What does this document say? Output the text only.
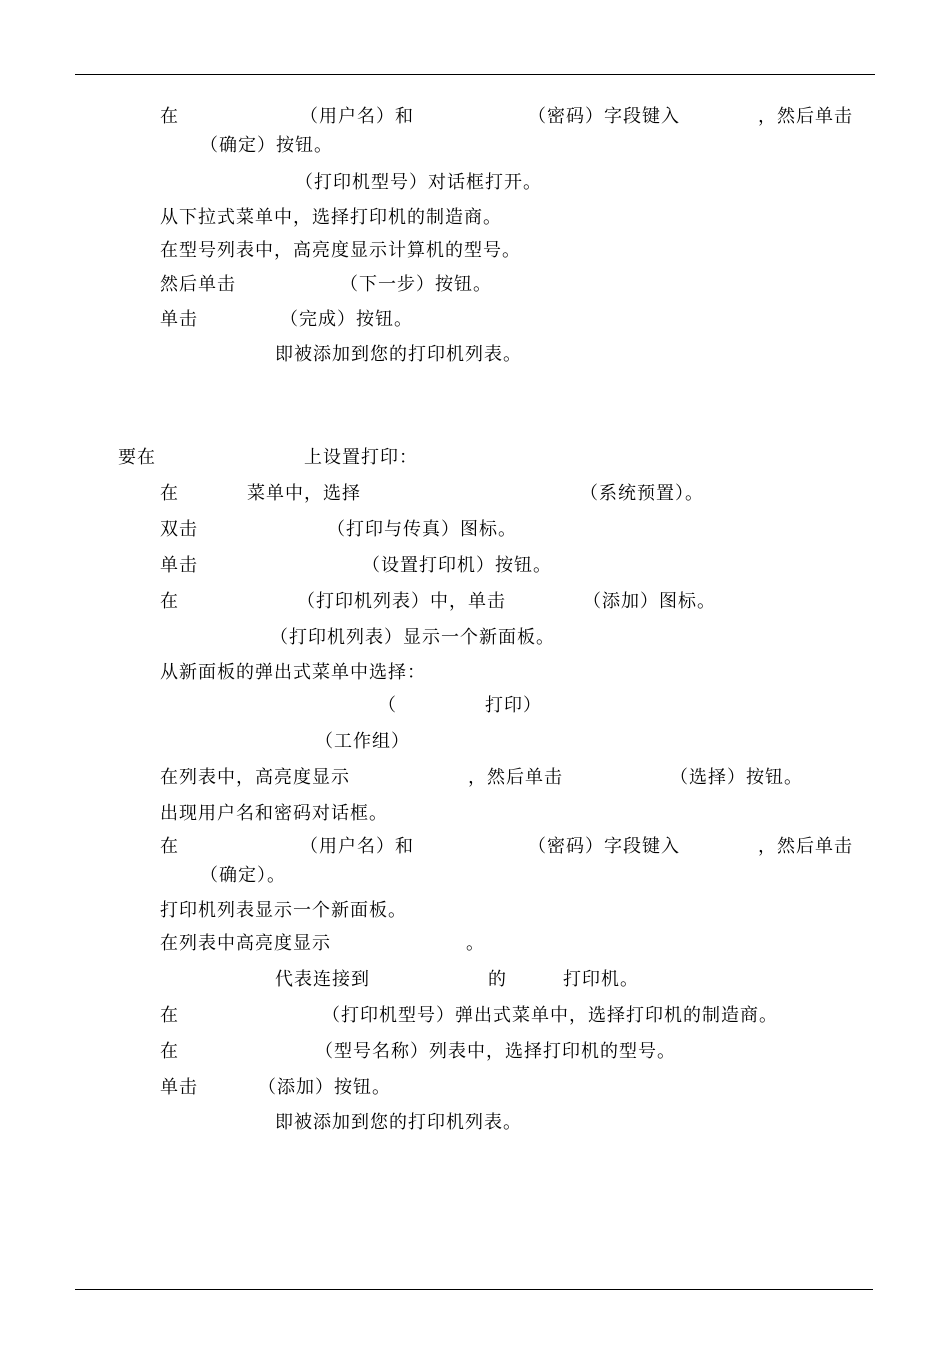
在	（用户名）和	（密码）字段键入	，然后单击
（确定）按钮。
（打印机型号）对话框打开。
从下拉式菜单中，选择打印机的制造商。
在型号列表中，高亮度显示计算机的型号。
然后单击	（下一步）按钮。
单击	（完成）按钮。
即被添加到您的打印机列表。
要在	上设置打印：
在	菜单中，选择	（系统预置）。
双击	（打印与传真）图标。
单击	（设置打印机）按钮。
在	（打印机列表）中，单击	（添加）图标。
（打印机列表）显示一个新面板。
从新面板的弹出式菜单中选择：
（	打印）
（工作组）
在列表中，高亮度显示	，然后单击	（选择）按钮。
出现用户名和密码对话框。
在	（用户名）和	（密码）字段键入	，然后单击
（确定）。
打印机列表显示一个新面板。
在列表中高亮度显示	。
代表连接到	的	打印机。
在	（打印机型号）弹出式菜单中，选择打印机的制造商。
在	（型号名称）列表中，选择打印机的型号。
单击	（添加）按钮。
即被添加到您的打印机列表。
